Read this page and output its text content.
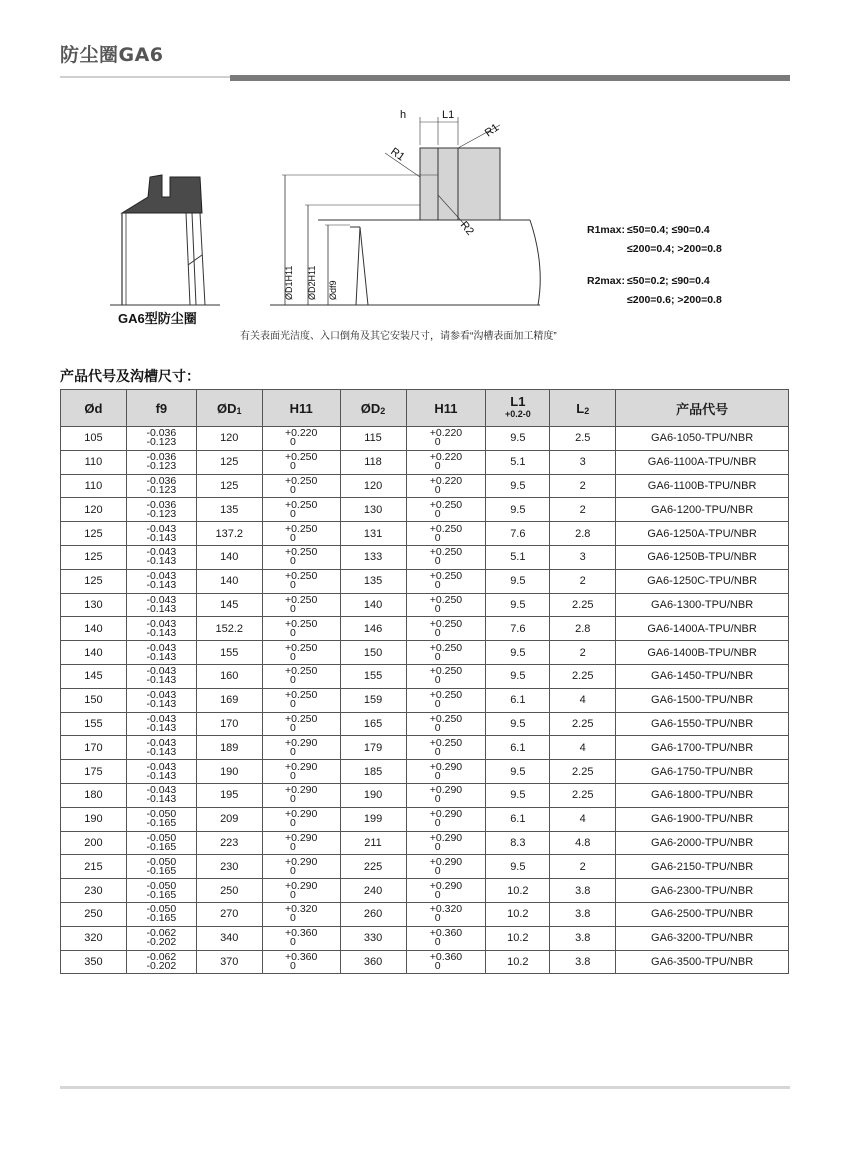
防尘圈GA6
GA6型防尘圈
h	L1
R1
R1
R2
ØD1H11 ØD2H11 Ødf9
R1max: ≤50=0.4; ≤90=0.4
≤200=0.4; >200=0.8
R2max: ≤50=0.2; ≤90=0.4
≤200=0.6; >200=0.8
有关表面光洁度、入口倒角及其它安装尺寸，请参看“沟槽表面加工精度”
产品代号及沟槽尺寸：
Ød	f9	ØD1	H11	ØD2	H11	L1
+0.2-0	L2	产品代号
105	-0.036
-0.123	120	+0.220
0	115	+0.220
0	9.5	2.5	GA6-1050-TPU/NBR
110	-0.036
-0.123	125	+0.250
0	118	+0.220
0	5.1	3	GA6-1100A-TPU/NBR
110	-0.036
-0.123	125	+0.250
0	120	+0.220
0	9.5	2	GA6-1100B-TPU/NBR
120	-0.036
-0.123	135	+0.250
0	130	+0.250
0	9.5	2	GA6-1200-TPU/NBR
125	-0.043
-0.143	137.2	+0.250
0	131	+0.250
0	7.6	2.8	GA6-1250A-TPU/NBR
125	-0.043
-0.143	140	+0.250
0	133	+0.250
0	5.1	3	GA6-1250B-TPU/NBR
125	-0.043
-0.143	140	+0.250
0	135	+0.250
0	9.5	2	GA6-1250C-TPU/NBR
130	-0.043
-0.143	145	+0.250
0	140	+0.250
0	9.5	2.25	GA6-1300-TPU/NBR
140	-0.043
-0.143	152.2	+0.250
0	146	+0.250
0	7.6	2.8	GA6-1400A-TPU/NBR
140	-0.043
-0.143	155	+0.250
0	150	+0.250
0	9.5	2	GA6-1400B-TPU/NBR
145	-0.043
-0.143	160	+0.250
0	155	+0.250
0	9.5	2.25	GA6-1450-TPU/NBR
150	-0.043
-0.143	169	+0.250
0	159	+0.250
0	6.1	4	GA6-1500-TPU/NBR
155	-0.043
-0.143	170	+0.250
0	165	+0.250
0	9.5	2.25	GA6-1550-TPU/NBR
170	-0.043
-0.143	189	+0.290
0	179	+0.250
0	6.1	4	GA6-1700-TPU/NBR
175	-0.043
-0.143	190	+0.290
0	185	+0.290
0	9.5	2.25	GA6-1750-TPU/NBR
180	-0.043
-0.143	195	+0.290
0	190	+0.290
0	9.5	2.25	GA6-1800-TPU/NBR
190	-0.050
-0.165	209	+0.290
0	199	+0.290
0	6.1	4	GA6-1900-TPU/NBR
200	-0.050
-0.165	223	+0.290
0	211	+0.290
0	8.3	4.8	GA6-2000-TPU/NBR
215	-0.050
-0.165	230	+0.290
0	225	+0.290
0	9.5	2	GA6-2150-TPU/NBR
230	-0.050
-0.165	250	+0.290
0	240	+0.290
0	10.2	3.8	GA6-2300-TPU/NBR
250	-0.050
-0.165	270	+0.320
0	260	+0.320
0	10.2	3.8	GA6-2500-TPU/NBR
320	-0.062
-0.202	340	+0.360
0	330	+0.360
0	10.2	3.8	GA6-3200-TPU/NBR
350	-0.062
-0.202	370	+0.360
0	360	+0.360
0	10.2	3.8	GA6-3500-TPU/NBR
